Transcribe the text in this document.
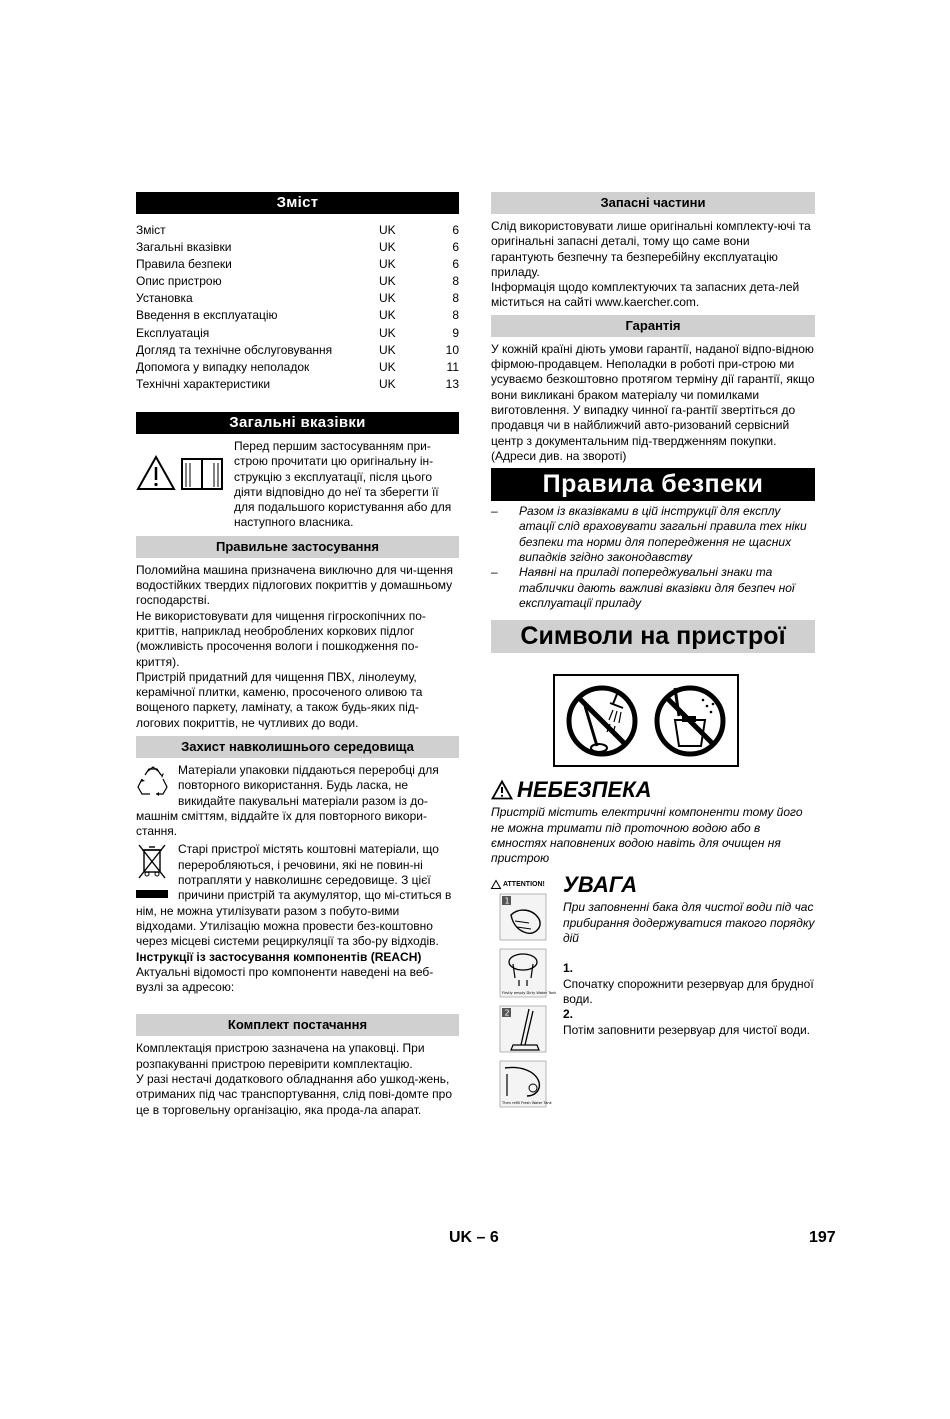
Зміст
Зміст	UK	6
Загальні вказівки	UK	6
Правила безпеки	UK	6
Опис пристрою	UK	8
Установка	UK	8
Введення в експлуатацію	UK	8
Експлуатація	UK	9
Догляд та технічне обслуговування	UK	10
Допомога у випадку неполадок	UK	11
Технічні характеристики	UK	13
Загальні вказівки

Перед першим застосуванням при-строю прочитати цю оригінальну ін-струкцію з експлуатації, після цього діяти відповідно до неї та зберегти її для подальшого користування або для наступного власника.

Правильне застосування

Поломийна машина призначена виключно для чи-щення водостійких твердих підлогових покриттів у домашньому господарстві.

Не використовувати для чищення гігроскопічних по-криттів, наприклад необроблених коркових підлог (можливість просочення вологи і пошкодження по-криття).

Пристрій придатний для чищення ПВХ, лінолеуму, керамічної плитки, каменю, просоченого оливою та вощеного паркету, ламінату, а також будь-яких під-логових покриттів, не чутливих до води.

Захист навколишнього середовища

Матеріали упаковки піддаються переробці для повторного використання. Будь ласка, не викидайте пакувальні матеріали разом із до-машнім сміттям, віддайте їх для повторного викори-стання.

Старі пристрої містять коштовні матеріали, що переробляються, і речовини, які не повин-ні потрапляти у навколишнє середовище. З цієї причини пристрій та акумулятор, що мі-ститься в нім, не можна утилізувати разом з побуто-вими відходами. Утилізацію можна провести без-коштовно через місцеві системи рециркуляції та збо-ру відходів.

Інструкції із застосування компонентів (REACH)

Актуальні відомості про компоненти наведені на веб-вузлі за адресою:

Комплект постачання

Комплектація пристрою зазначена на упаковці. При розпакуванні пристрою перевірити комплектацію.

У разі нестачі додаткового обладнання або ушкод-жень, отриманих під час транспортування, слід пові-домте про це в торговельну організацію, яка прода-ла апарат.

Запасні частини

Слід використовувати лише оригінальні комплекту-ючі та оригінальні запасні деталі, тому що саме вони гарантують безпечну та безперебійну експлуатацію приладу.

Інформація щодо комплектуючих та запасних дета-лей міститься на сайті www.kaercher.com.

Гарантія

У кожній країні діють умови гарантії, наданої відпо-відною фірмою-продавцем. Неполадки в роботі при-строю ми усуваємо безкоштовно протягом терміну дії гарантії, якщо вони викликані браком матеріалу чи помилками виготовлення. У випадку чинної га-рантії звертіться до продавця чи в найближчий авто-ризований сервісний центр з документальним під-твердженням покупки.

(Адреси див. на звороті)

Правила безпеки
–	Разом із вказівками в цій інструкції для експлу атації слід враховувати загальні правила тех ніки безпеки та норми для попередження не щасних випадків згідно законодавству
–	Наявні на приладі попереджувальні знаки та таблички дають важливі вказівки для безпеч ної експлуатації приладу
Символи на пристрої
НЕБЕЗПЕКА

Пристрій містить електричні компоненти тому його не можна тримати під проточною водою або в ємностях наповнених водою навіть для очищен ня пристрою

ATTENTION!
1

Firstly empty Dirty Water Tank

2

Then refill Fresh Water Tank
УВАГА

При заповненні бака для чистої води під час прибирання додержуватися такого порядку дій

1.

Спочатку спорожнити резервуар для брудної води.

2.

Потім заповнити резервуар для чистої води.

UK – 6	197
